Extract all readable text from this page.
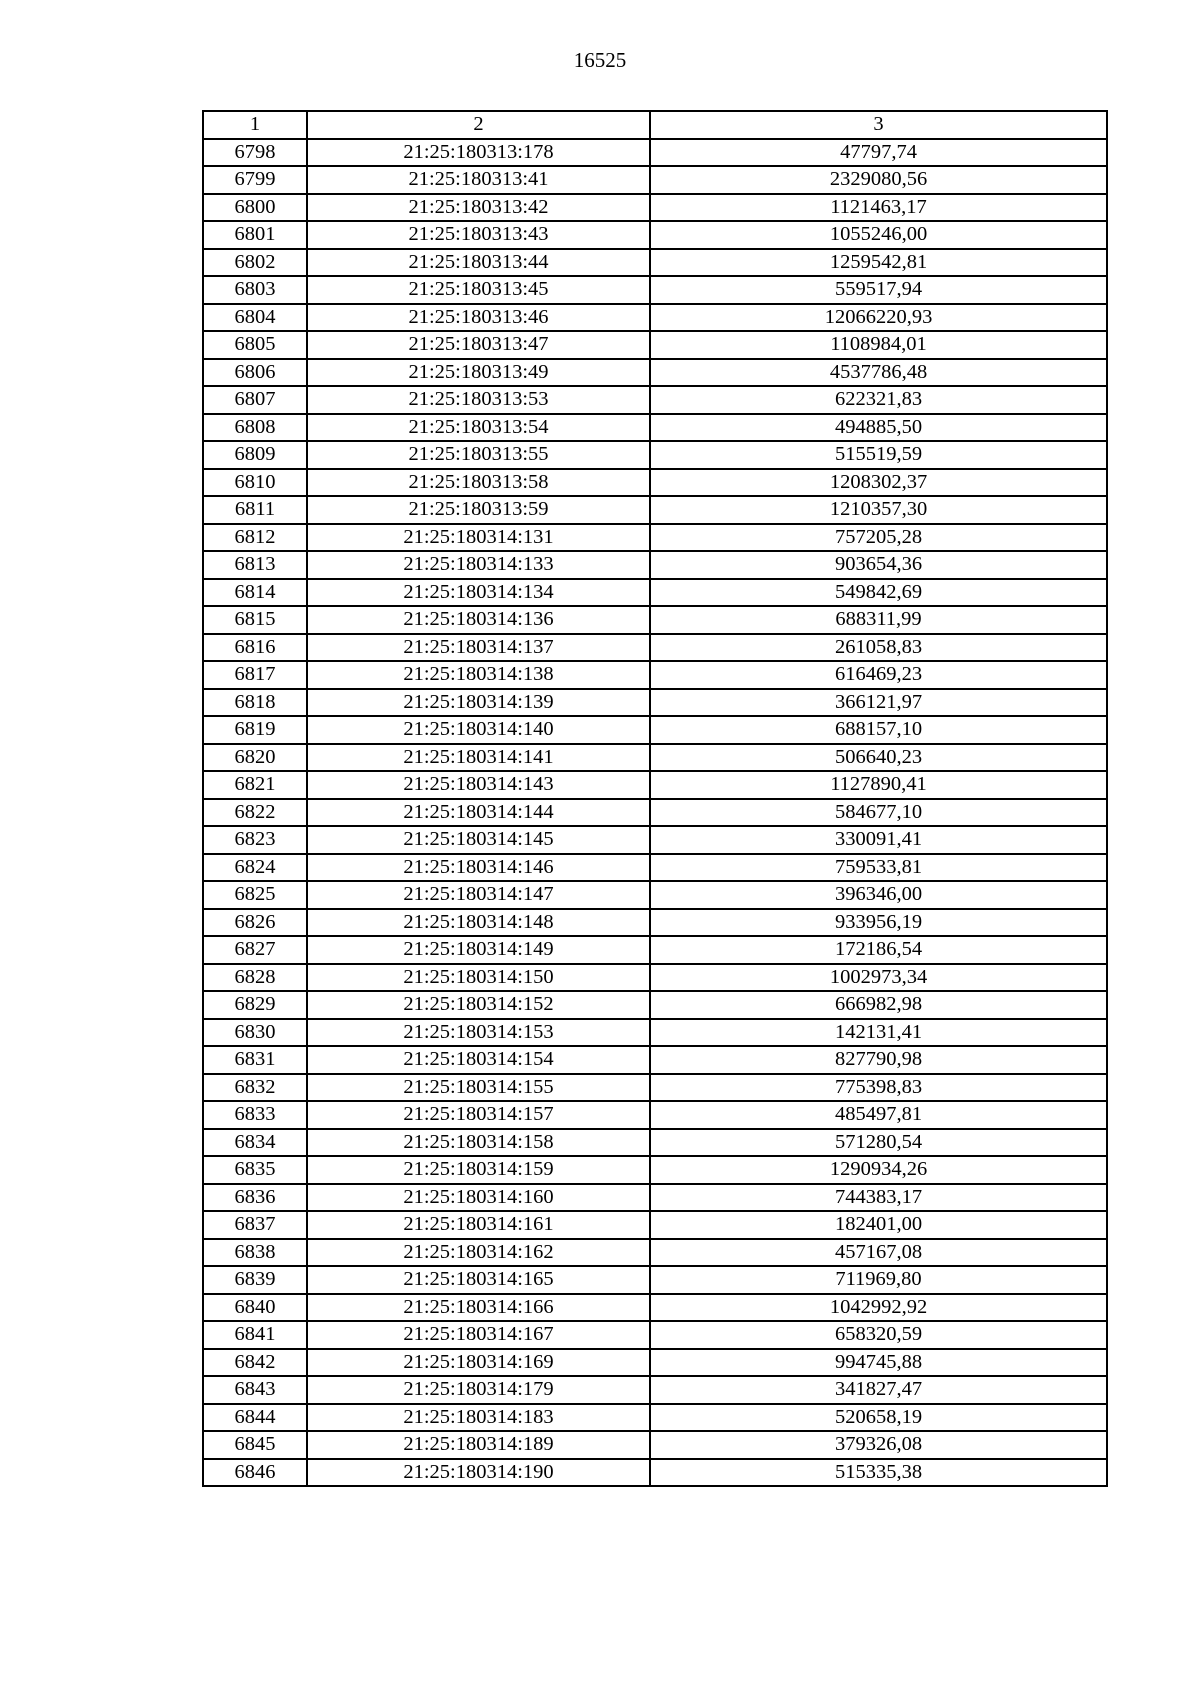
16525
1	2	3
6798	21:25:180313:178	47797,74
6799	21:25:180313:41	2329080,56
6800	21:25:180313:42	1121463,17
6801	21:25:180313:43	1055246,00
6802	21:25:180313:44	1259542,81
6803	21:25:180313:45	559517,94
6804	21:25:180313:46	12066220,93
6805	21:25:180313:47	1108984,01
6806	21:25:180313:49	4537786,48
6807	21:25:180313:53	622321,83
6808	21:25:180313:54	494885,50
6809	21:25:180313:55	515519,59
6810	21:25:180313:58	1208302,37
6811	21:25:180313:59	1210357,30
6812	21:25:180314:131	757205,28
6813	21:25:180314:133	903654,36
6814	21:25:180314:134	549842,69
6815	21:25:180314:136	688311,99
6816	21:25:180314:137	261058,83
6817	21:25:180314:138	616469,23
6818	21:25:180314:139	366121,97
6819	21:25:180314:140	688157,10
6820	21:25:180314:141	506640,23
6821	21:25:180314:143	1127890,41
6822	21:25:180314:144	584677,10
6823	21:25:180314:145	330091,41
6824	21:25:180314:146	759533,81
6825	21:25:180314:147	396346,00
6826	21:25:180314:148	933956,19
6827	21:25:180314:149	172186,54
6828	21:25:180314:150	1002973,34
6829	21:25:180314:152	666982,98
6830	21:25:180314:153	142131,41
6831	21:25:180314:154	827790,98
6832	21:25:180314:155	775398,83
6833	21:25:180314:157	485497,81
6834	21:25:180314:158	571280,54
6835	21:25:180314:159	1290934,26
6836	21:25:180314:160	744383,17
6837	21:25:180314:161	182401,00
6838	21:25:180314:162	457167,08
6839	21:25:180314:165	711969,80
6840	21:25:180314:166	1042992,92
6841	21:25:180314:167	658320,59
6842	21:25:180314:169	994745,88
6843	21:25:180314:179	341827,47
6844	21:25:180314:183	520658,19
6845	21:25:180314:189	379326,08
6846	21:25:180314:190	515335,38
